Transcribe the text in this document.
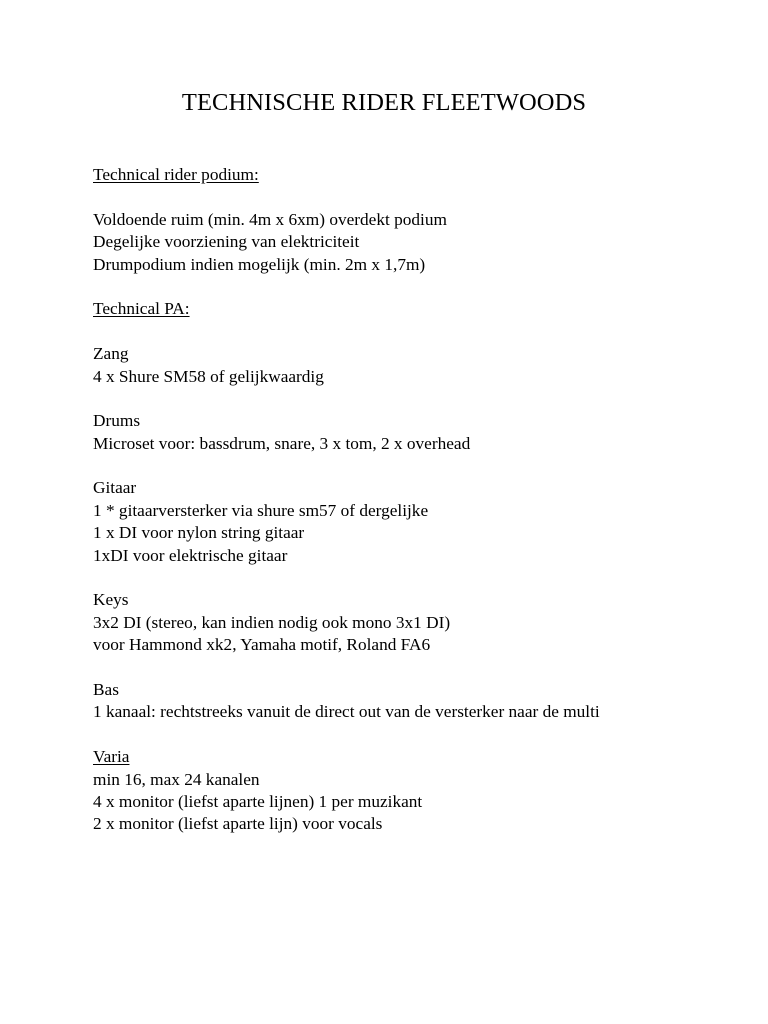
TECHNISCHE RIDER FLEETWOODS
Technical rider podium:
Voldoende ruim (min. 4m x 6xm) overdekt podium
Degelijke voorziening van elektriciteit
Drumpodium indien mogelijk (min. 2m x 1,7m)
Technical PA:
Zang
4 x Shure SM58 of gelijkwaardig
Drums
Microset voor: bassdrum, snare, 3 x tom, 2 x overhead
Gitaar
1 * gitaarversterker via shure sm57 of dergelijke
1 x DI voor nylon string gitaar
1xDI voor elektrische gitaar
Keys
3x2 DI (stereo, kan indien nodig ook mono 3x1 DI)
voor Hammond xk2, Yamaha motif, Roland FA6
Bas
1 kanaal: rechtstreeks vanuit de direct out van de versterker naar de multi
Varia
min 16, max 24 kanalen
4 x monitor (liefst aparte lijnen) 1 per muzikant
2 x monitor (liefst aparte lijn) voor vocals
